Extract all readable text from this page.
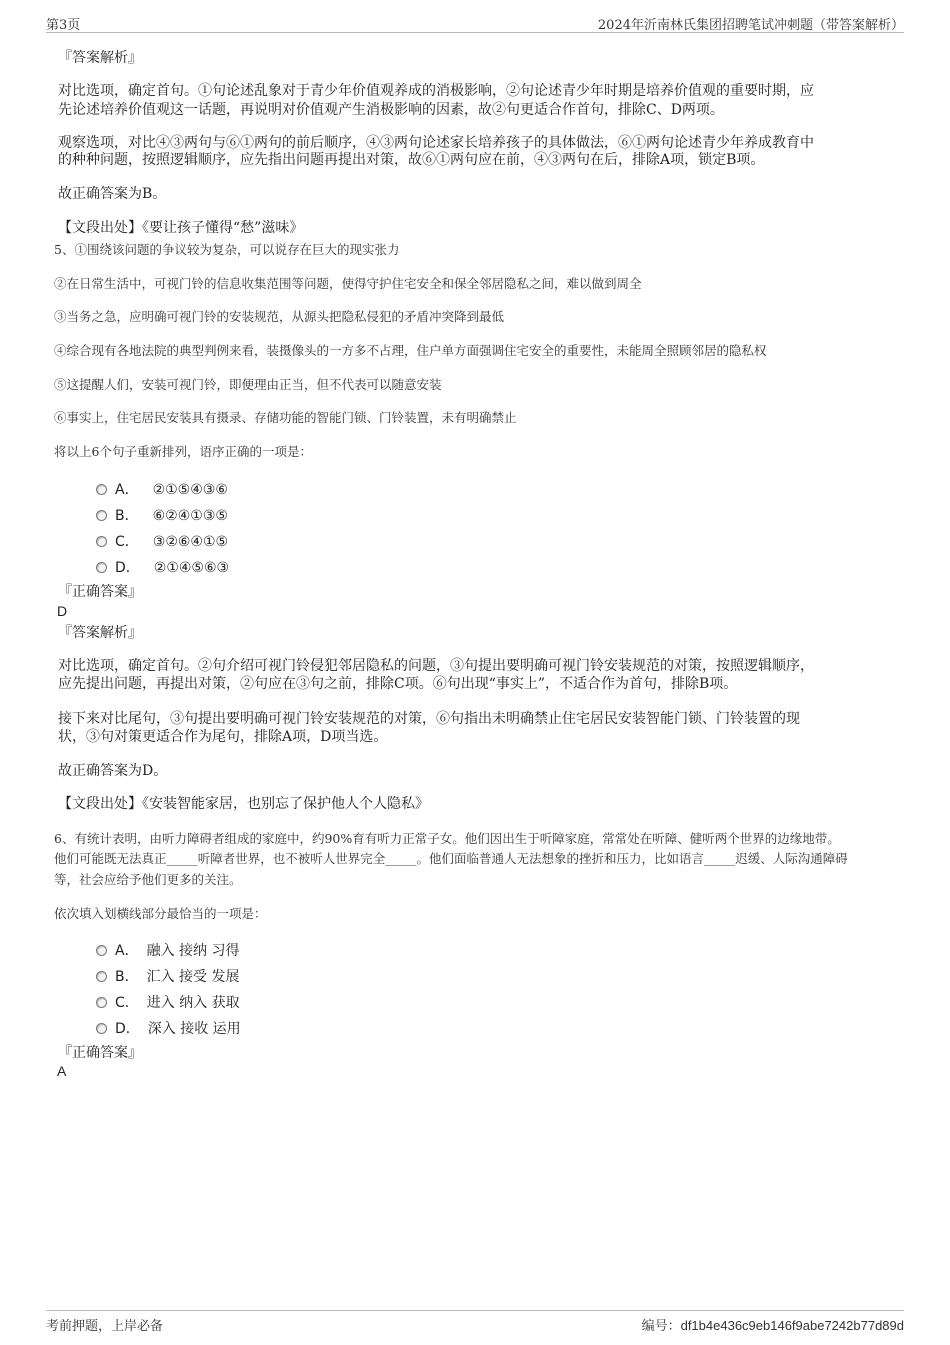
第3页	2024年沂南林氏集团招聘笔试冲刺题（带答案解析）
『答案解析』
对比选项，确定首句。①句论述乱象对于青少年价值观养成的消极影响，②句论述青少年时期是培养价值观的重要时期，应
先论述培养价值观这一话题，再说明对价值观产生消极影响的因素，故②句更适合作首句，排除C、D两项。
观察选项，对比④③两句与⑥①两句的前后顺序，④③两句论述家长培养孩子的具体做法，⑥①两句论述青少年养成教育中
的种种问题，按照逻辑顺序，应先指出问题再提出对策，故⑥①两句应在前，④③两句在后，排除A项，锁定B项。
故正确答案为B。
【文段出处】《要让孩子懂得“愁”滋味》
5、①围绕该问题的争议较为复杂，可以说存在巨大的现实张力
②在日常生活中，可视门铃的信息收集范围等问题，使得守护住宅安全和保全邻居隐私之间，难以做到周全
③当务之急，应明确可视门铃的安装规范，从源头把隐私侵犯的矛盾冲突降到最低
④综合现有各地法院的典型判例来看，装摄像头的一方多不占理，住户单方面强调住宅安全的重要性，未能周全照顾邻居的隐私权
⑤这提醒人们，安装可视门铃，即便理由正当，但不代表可以随意安装
⑥事实上，住宅居民安装具有摄录、存储功能的智能门锁、门铃装置，未有明确禁止
将以上6个句子重新排列，语序正确的一项是：
A． ②①⑤④③⑥
B． ⑥②④①③⑤
C． ③②⑥④①⑤
D． ②①④⑤⑥③
『正确答案』
D
『答案解析』
对比选项，确定首句。②句介绍可视门铃侵犯邻居隐私的问题，③句提出要明确可视门铃安装规范的对策，按照逻辑顺序，
应先提出问题，再提出对策，②句应在③句之前，排除C项。⑥句出现“事实上”，不适合作为首句，排除B项。
接下来对比尾句，③句提出要明确可视门铃安装规范的对策，⑥句指出未明确禁止住宅居民安装智能门锁、门铃装置的现
状，③句对策更适合作为尾句，排除A项，D项当选。
故正确答案为D。
【文段出处】《安装智能家居，也别忘了保护他人个人隐私》
6、有统计表明，由听力障碍者组成的家庭中，约90%育有听力正常子女。他们因出生于听障家庭，常常处在听障、健听两个世界的边缘地带。
他们可能既无法真正_____听障者世界，也不被听人世界完全_____。他们面临普通人无法想象的挫折和压力，比如语言_____迟缓、人际沟通障碍
等，社会应给予他们更多的关注。
依次填入划横线部分最恰当的一项是：
A． 融入 接纳 习得
B． 汇入 接受 发展
C． 进入 纳入 获取
D． 深入 接收 运用
『正确答案』
A
考前押题，上岸必备	编号：df1b4e436c9eb146f9abe7242b77d89d
